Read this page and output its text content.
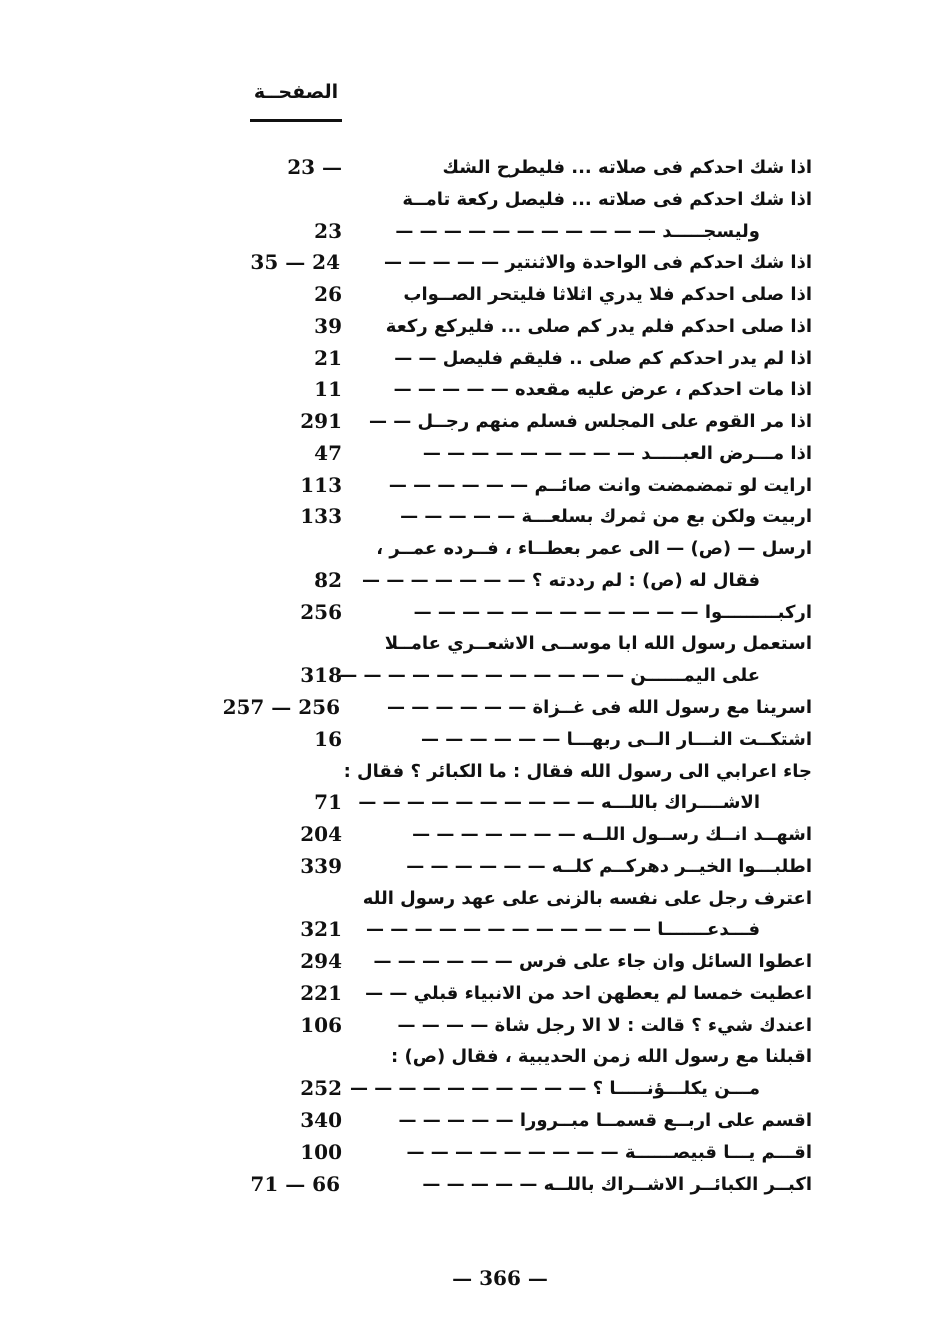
الصفحــة
اذا شك احدكم فى صلاته ... فليطرح الشك
23 —
اذا شك احدكم فى صلاته ... فليصل ركعة تامــة
وليسجـــــد — — — — — — — — — — —
23
اذا شك احدكم فى الواحدة والاثنتير — — — — —
35 — 24
اذا صلى احدكم فلا يدري اثلاثا فليتحر الصــواب
26
اذا صلى احدكم فلم يدر كم صلى ... فليركع ركعة
39
اذا لم يدر احدكم كم صلى .. فليقم فليصل — —
21
اذا مات احدكم ، عرض عليه مقعده — — — — —
11
اذا مر القوم على المجلس فسلم منهم رجــل — —
291
اذا مـــرض العبـــــد — — — — — — — — —
47
ارايت لو تمضمضت وانت صائــم — — — — — —
113
اربيت ولكن بع من ثمرك بسلعـــة — — — — —
133
ارسل — (ص) — الى عمر بعطــاء ، فــرده عمــر ،
فقال له (ص) : لم رددته ؟ — — — — — — —
82
اركبـــــــــوا — — — — — — — — — — — —
256
استعمل رسول الله ابا موســى الاشعــري عامــلا
على اليمــــــن — — — — — — — — — — — —
318
اسرينا مع رسول الله فى غــزاة — — — — — —
257 — 256
اشتكــت النـــار الــى ربهـــا — — — — — —
16
جاء اعرابي الى رسول الله فقال : ما الكبائر ؟ فقال :
الاشــــراك باللـــه — — — — — — — — — —
71
اشهــد انــك رســول اللــه — — — — — — —
204
اطلبـــوا الخيــر دهركــم كلــه — — — — — —
339
اعترف رجل على نفسه بالزنى على عهد رسول الله
فـــدعـــــــا — — — — — — — — — — — —
321
اعطوا السائل وان جاء على فرس — — — — — —
294
اعطيت خمسا لم يعطهن احد من الانبياء قبلي — —
221
اعندك شيء ؟ قالت : لا الا رجل شاة — — — —
106
اقبلنا مع رسول الله زمن الحديبية ، فقال (ص) :
مـــن يكلـــؤنـــــا ؟ — — — — — — — — — —
252
اقسم على اربــع قسمــا مبــرورا — — — — —
340
اقـــم يـــا قبيصــــــة — — — — — — — — —
100
اكبــر الكبائــر الاشــراك باللــه — — — — —
71 — 66
— 366 —
